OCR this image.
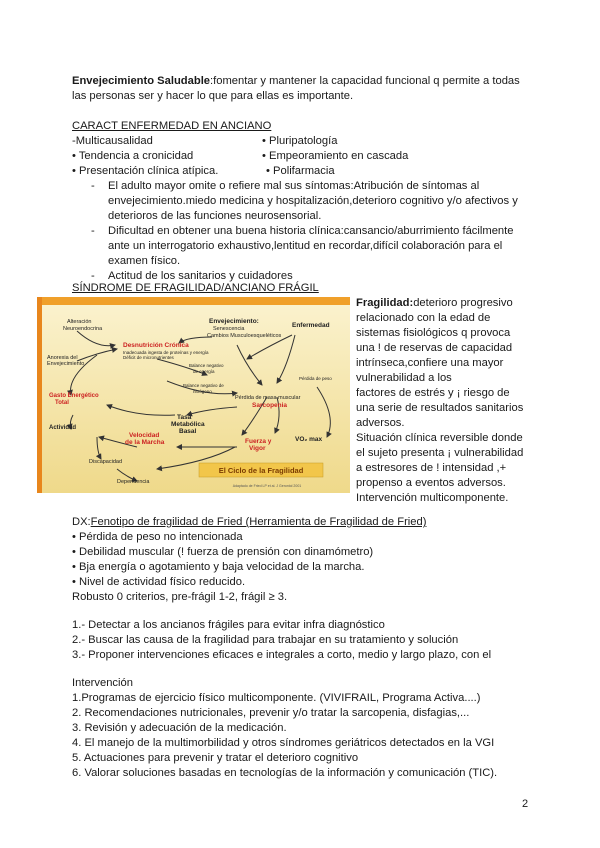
Envejecimiento Saludable:fomentar y mantener la capacidad funcional q permite a todas
las personas ser y hacer lo que para ellas es importante.
CARACT ENFERMEDAD EN ANCIANO
-Multicausalidad	• Pluripatología
• Tendencia a cronicidad	• Empeoramiento en cascada
• Presentación clínica atípica.	• Polifarmacia
- El adulto mayor omite o refiere mal sus síntomas:Atribución de síntomas al
envejecimiento.miedo medicina y hospitalización,deterioro cognitivo y/o afectivos y
deterioros de las funciones neurosensorial.
- Dificultad en obtener una buena historia clínica:cansancio/aburrimiento fácilmente
ante un interrogatorio exhaustivo,lentitud en recordar,difícil colaboración para el
examen físico.
- Actitud de los sanitarios y cuidadores
SÍNDROME DE FRAGILIDAD/ANCIANO FRÁGIL
Alteración
Neuroendocrina
Anorexia del
Envejecimiento
Envejecimiento:
Senescencia
Cambios Musculoesqueléticos
Enfermedad
Desnutrición Crónica
Inadecuada ingesta de proteínas y energía
Déficit de micronutrientes
Balance negativo
de energía
Balance negativo de
nitrógeno
Pérdida de peso
Pérdida de masa muscular
Sarcopenia
Gasto Energético
Total
Tasa
Metabólica
Basal
Actividad
Velocidad
de la Marcha	Fuerza y
Vigor
VO₂ max
Discapacidad
Dependencia
El Ciclo de la Fragilidad
Adaptado de Fried LP et al. J Gerontol 2001
Fragilidad:deterioro progresivo
relacionado con la edad de
sistemas fisiológicos q provoca
una ! de reservas de capacidad
intrínseca,confiere una mayor
vulnerabilidad a los
factores de estrés y ¡ riesgo de
una serie de resultados sanitarios
adversos.
Situación clínica reversible donde
el sujeto presenta ¡ vulnerabilidad
a estresores de ! intensidad ,+
propenso a eventos adversos.
Intervención multicomponente.
DX:Fenotipo de fragilidad de Fried (Herramienta de Fragilidad de Fried)
• Pérdida de peso no intencionada
• Debilidad muscular (! fuerza de prensión con dinamómetro)
• Bja energía o agotamiento y baja velocidad de la marcha.
• Nivel de actividad físico reducido.
Robusto 0 criterios, pre-frágil 1-2, frágil ≥ 3.
1.- Detectar a los ancianos frágiles para evitar infra diagnóstico
2.- Buscar las causa de la fragilidad para trabajar en su tratamiento y solución
3.- Proponer intervenciones eficaces e integrales a corto, medio y largo plazo, con el
Intervención
1.Programas de ejercicio físico multicomponente. (VIVIFRAIL, Programa Activa....)
2. Recomendaciones nutricionales, prevenir y/o tratar la sarcopenia, disfagias,...
3. Revisión y adecuación de la medicación.
4. El manejo de la multimorbilidad y otros síndromes geriátricos detectados en la VGI
5. Actuaciones para prevenir y tratar el deterioro cognitivo
6. Valorar soluciones basadas en tecnologías de la información y comunicación (TIC).
2
